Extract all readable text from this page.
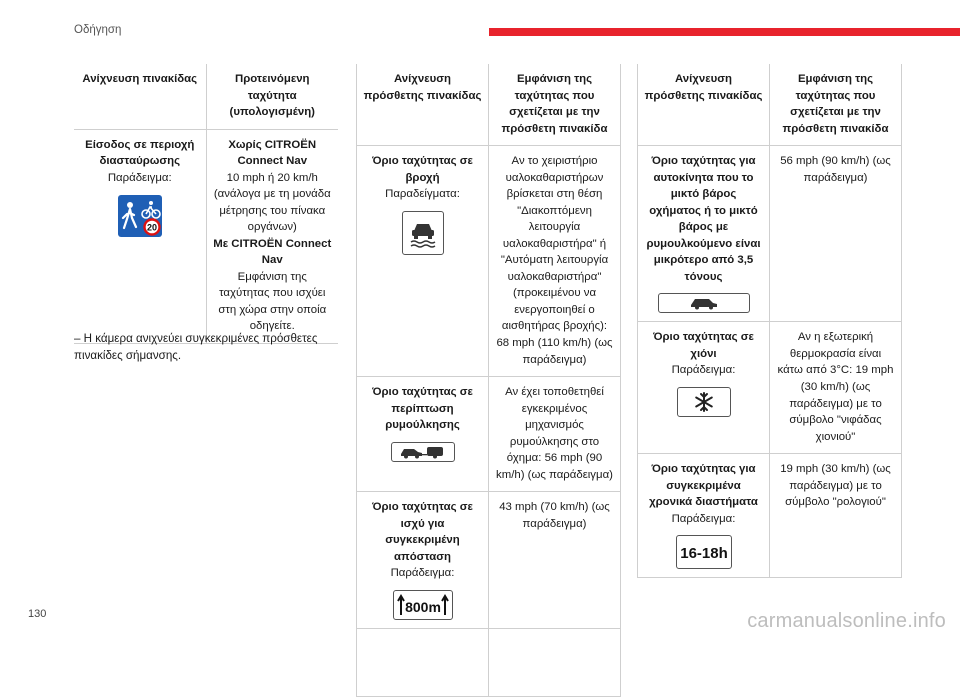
Οδήγηση
Ανίχνευση πινακίδας	Προτεινόμενη ταχύτητα (υπολογισμένη)

Είσοδος σε περιοχή διασταύρωσης
Παράδειγμα:
20	Χωρίς CITROËN Connect Nav
10 mph ή 20 km/h (ανάλογα με τη μονάδα μέτρησης του πίνακα οργάνων)
Με CITROËN Connect Nav
Εμφάνιση της ταχύτητας που ισχύει στη χώρα στην οποία οδηγείτε.
– Η κάμερα ανιχνεύει συγκεκριμένες πρόσθετες πινακίδες σήμανσης.
Ανίχνευση πρόσθετης πινακίδας	Εμφάνιση της ταχύτητας που σχετίζεται με την πρόσθετη πινακίδα

Όριο ταχύτητας σε βροχή
Παραδείγματα:	Αν το χειριστήριο υαλοκαθαριστήρων βρίσκεται στη θέση "Διακοπτόμενη λειτουργία υαλοκαθαριστήρα" ή "Αυτόματη λειτουργία υαλοκαθαριστήρα" (προκειμένου να ενεργοποιηθεί ο αισθητήρας βροχής): 68 mph (110 km/h) (ως παράδειγμα)

Όριο ταχύτητας σε περίπτωση ρυμούλκησης	Αν έχει τοποθετηθεί εγκεκριμένος μηχανισμός ρυμούλκησης στο όχημα: 56 mph (90 km/h) (ως παράδειγμα)

Όριο ταχύτητας σε ισχύ για συγκεκριμένη απόσταση
Παράδειγμα:
800m	43 mph (70 km/h) (ως παράδειγμα)

Ανίχνευση πρόσθετης πινακίδας	Εμφάνιση της ταχύτητας που σχετίζεται με την πρόσθετη πινακίδα

Όριο ταχύτητας για αυτοκίνητα που το μικτό βάρος οχήματος ή το μικτό βάρος με ρυμουλκούμενο είναι μικρότερο από 3,5 τόνους	56 mph (90 km/h) (ως παράδειγμα)

Όριο ταχύτητας σε χιόνι
Παράδειγμα:	Αν η εξωτερική θερμοκρασία είναι κάτω από 3°C: 19 mph (30 km/h) (ως παράδειγμα) με το σύμβολο "νιφάδας χιονιού"

Όριο ταχύτητας για συγκεκριμένα χρονικά διαστήματα
Παράδειγμα:
16-18h	19 mph (30 km/h) (ως παράδειγμα) με το σύμβολο "ρολογιού"
130	carmanualsonline.info
